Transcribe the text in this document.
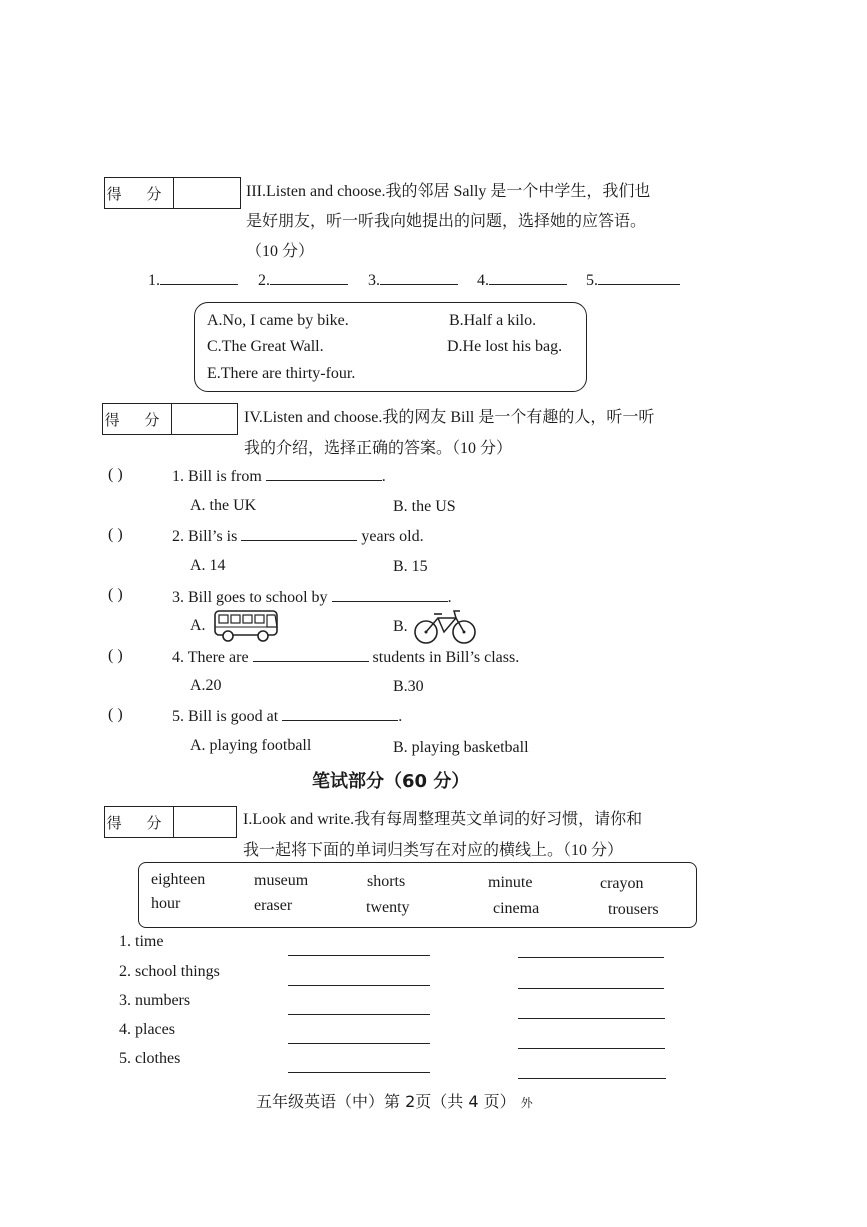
得 分	III.Listen and choose.我的邻居 Sally 是一个中学生，我们也
是好朋友，听一听我向她提出的问题，选择她的应答语。
（10 分）
1.	2.	3.	4.	5.
A.No, I came by bike.	B.Half a kilo.
C.The Great Wall.	D.He lost his bag.
E.There are thirty-four.
得 分	IV.Listen and choose.我的网友 Bill 是一个有趣的人，听一听
我的介绍，选择正确的答案。（10 分）
( )	1. Bill is from	.
A. the UK	B. the US
( )	2. Bill’s is	years old.
A. 14	B. 15
( )	3. Bill goes to school by	.
A.	B.
( )	4. There are	students in Bill’s class.
A.20	B.30
( )	5. Bill is good at	.
A. playing football	B. playing basketball
笔试部分（60 分）
得 分	I.Look and write.我有每周整理英文单词的好习惯，请你和
我一起将下面的单词归类写在对应的横线上。（10 分）
eighteen	museum	shorts	minute	crayon
hour	eraser	twenty	cinema	trousers
1. time
2. school things
3. numbers
4. places
5. clothes
五年级英语（中）第 2页（共 4 页） 外
